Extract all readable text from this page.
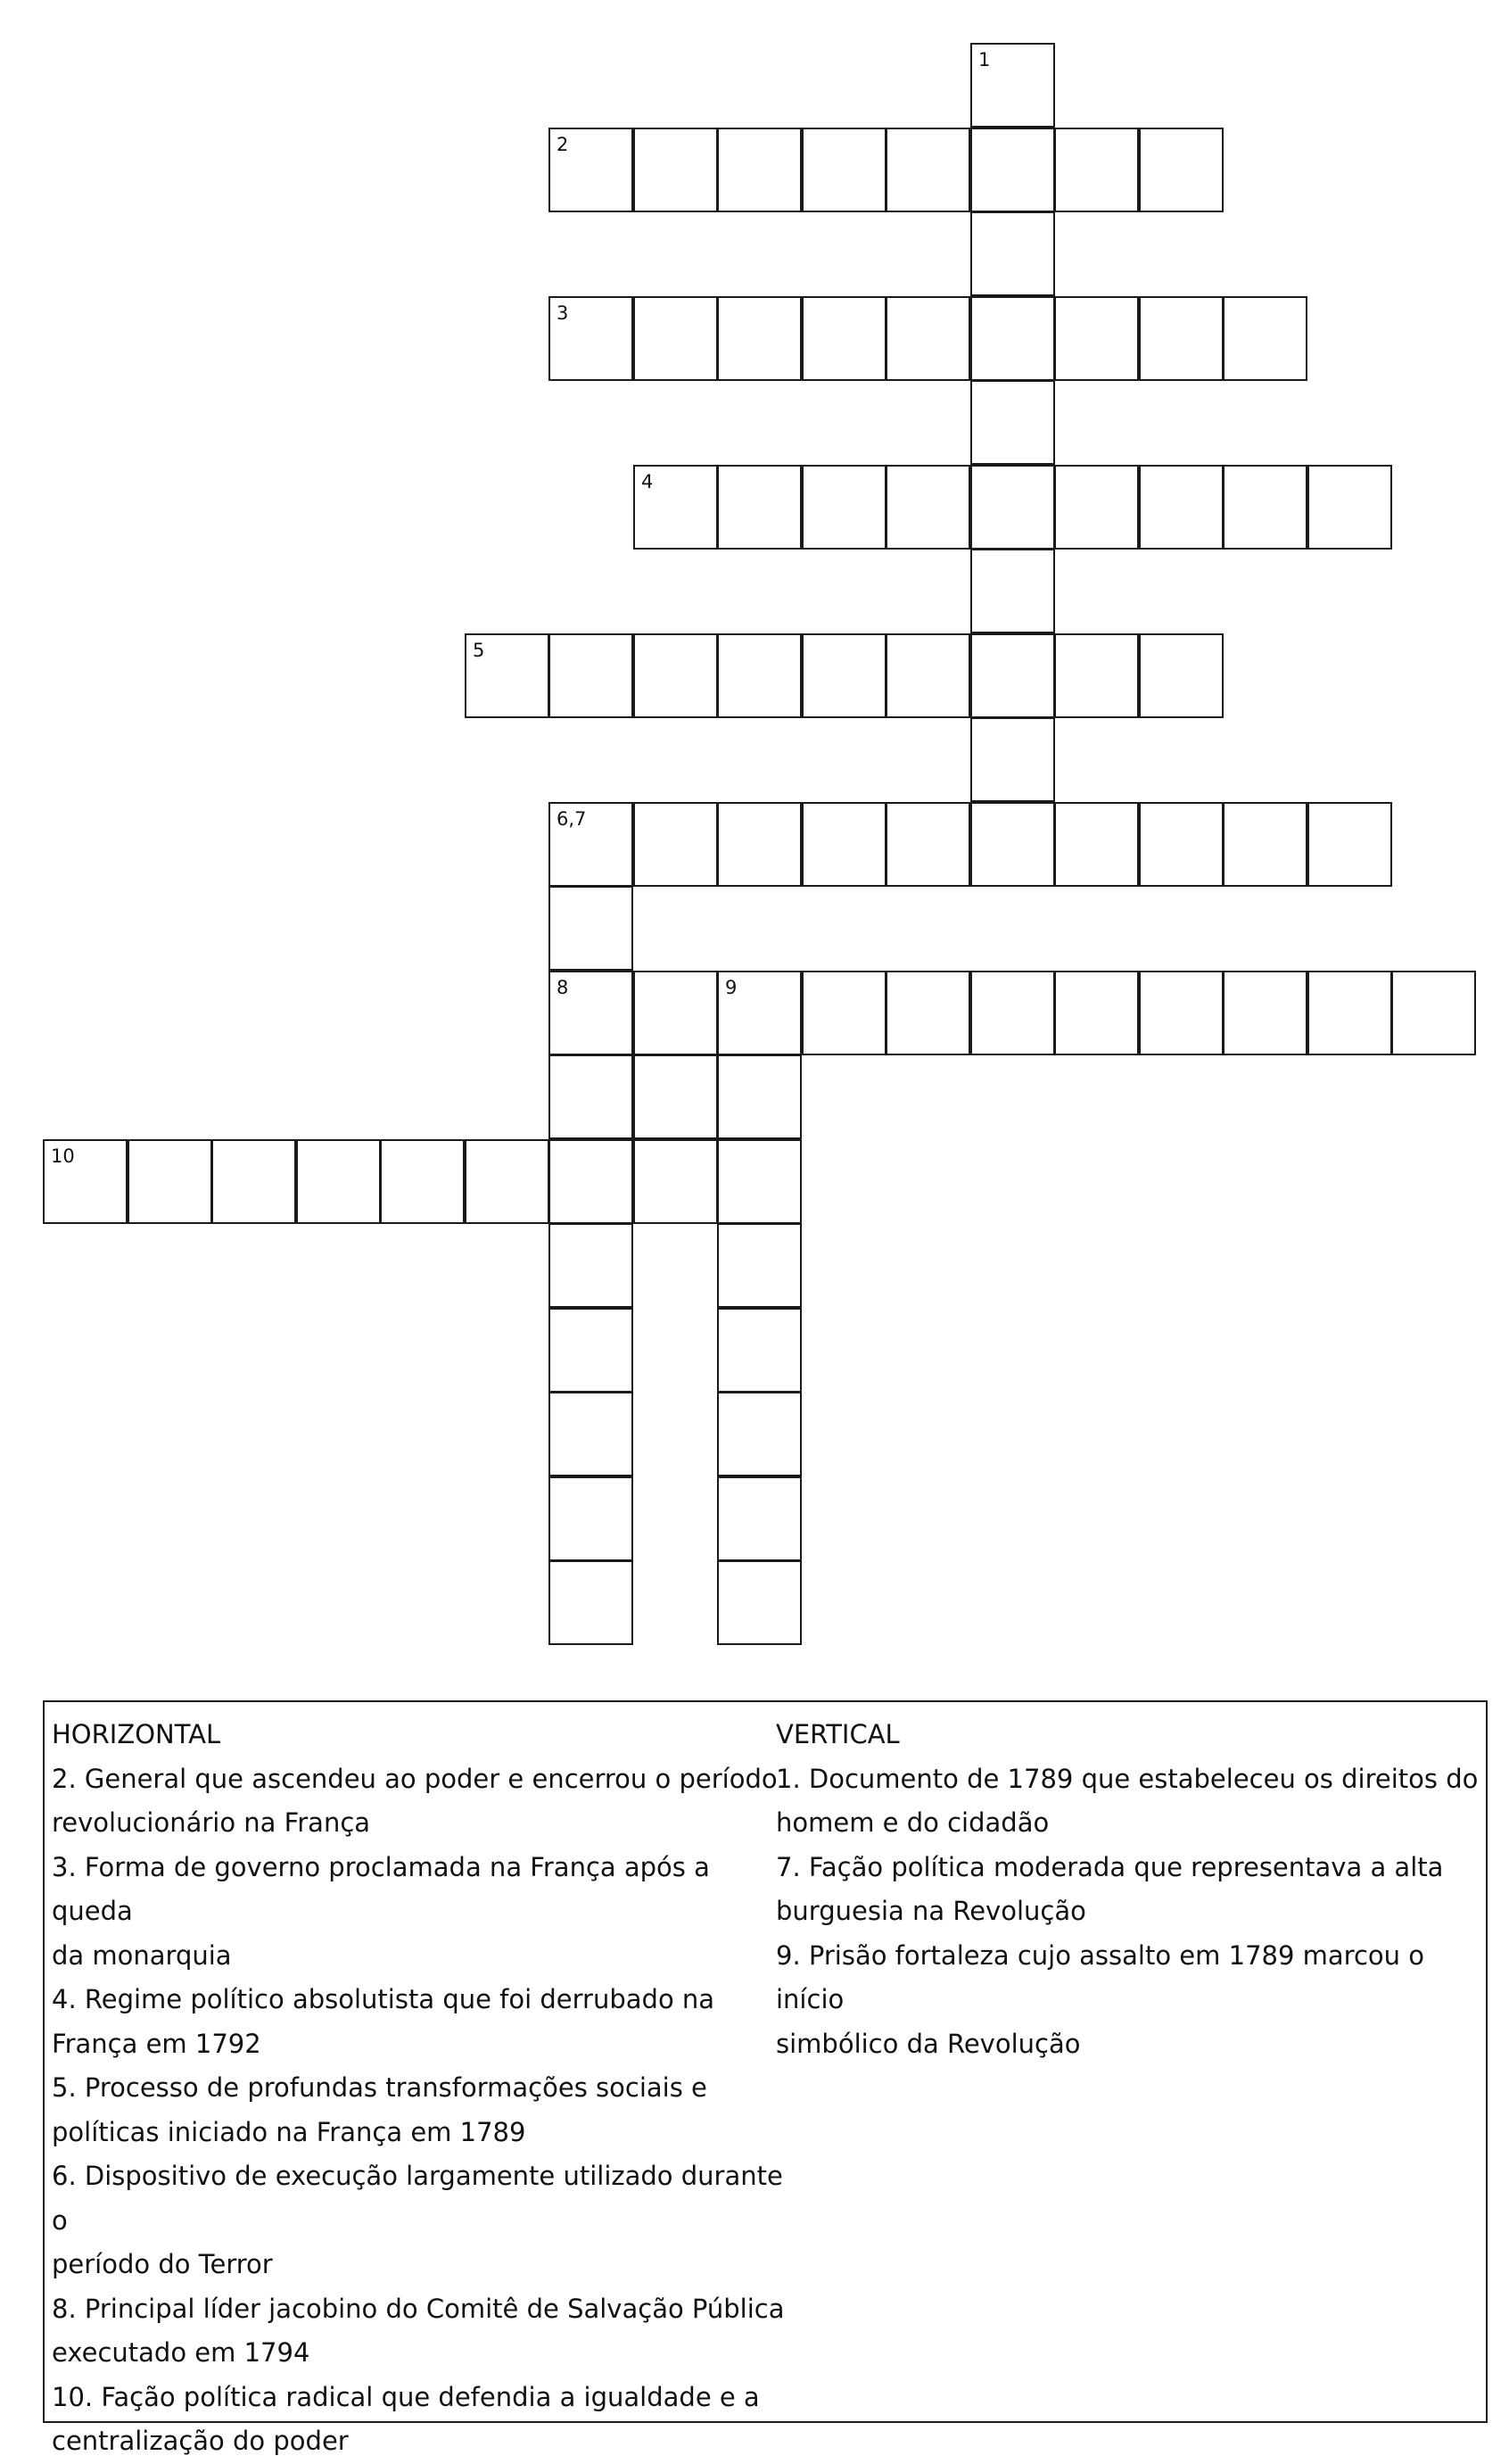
1
2
3
4
5
6,7
8	9
10
HORIZONTAL
2. General que ascendeu ao poder e encerrou o período
revolucionário na França
3. Forma de governo proclamada na França após a queda
da monarquia
4. Regime político absolutista que foi derrubado na
França em 1792
5. Processo de profundas transformações sociais e
políticas iniciado na França em 1789
6. Dispositivo de execução largamente utilizado durante o
período do Terror
8. Principal líder jacobino do Comitê de Salvação Pública
executado em 1794
10. Fação política radical que defendia a igualdade e a
centralização do poder
VERTICAL
1. Documento de 1789 que estabeleceu os direitos do
homem e do cidadão
7. Fação política moderada que representava a alta
burguesia na Revolução
9. Prisão fortaleza cujo assalto em 1789 marcou o início
simbólico da Revolução
